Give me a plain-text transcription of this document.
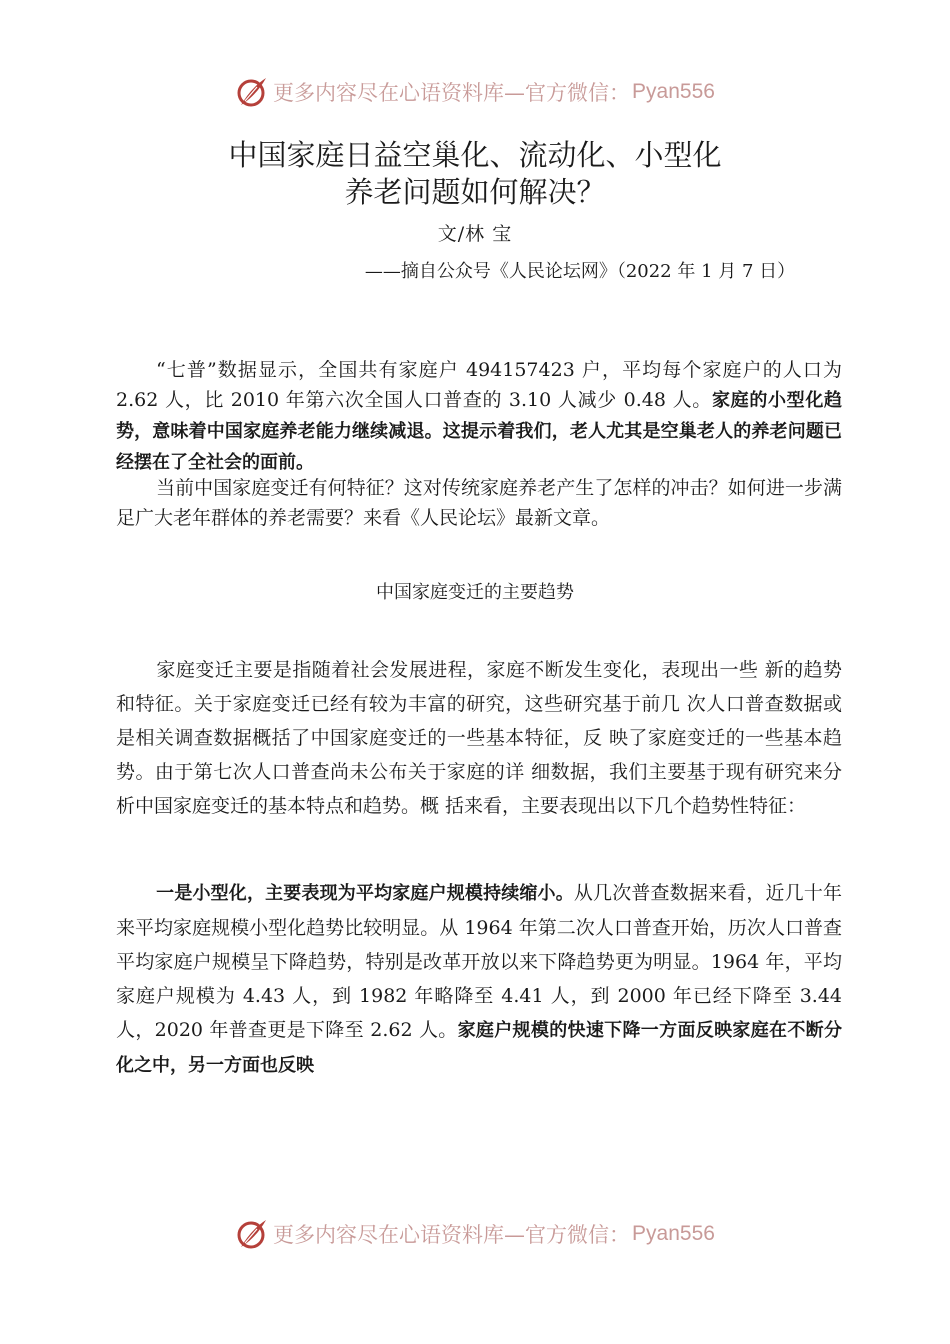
更多内容尽在心语资料库—官方微信： Pyan556
中国家庭日益空巢化、流动化、小型化
养老问题如何解决？
文/林 宝
——摘自公众号《人民论坛网》（2022 年 1 月 7 日）
“七普”数据显示，全国共有家庭户 494157423 户，平均每个家庭户的人口为 2.62 人，比 2010 年第六次全国人口普查的 3.10 人减少 0.48 人。家庭的小型化趋势，意味着中国家庭养老能力继续减退。这提示着我们，老人尤其是空巢老人的养老问题已经摆在了全社会的面前。
当前中国家庭变迁有何特征？这对传统家庭养老产生了怎样的冲击？如何进一步满足广大老年群体的养老需要？来看《人民论坛》最新文章。
中国家庭变迁的主要趋势
家庭变迁主要是指随着社会发展进程，家庭不断发生变化，表现出一些 新的趋势和特征。关于家庭变迁已经有较为丰富的研究，这些研究基于前几 次人口普查数据或是相关调查数据概括了中国家庭变迁的一些基本特征，反 映了家庭变迁的一些基本趋势。由于第七次人口普查尚未公布关于家庭的详 细数据，我们主要基于现有研究来分析中国家庭变迁的基本特点和趋势。概 括来看，主要表现出以下几个趋势性特征：
一是小型化，主要表现为平均家庭户规模持续缩小。从几次普查数据来看，近几十年来平均家庭规模小型化趋势比较明显。从 1964 年第二次人口普查开始，历次人口普查平均家庭户规模呈下降趋势，特别是改革开放以来下降趋势更为明显。1964 年，平均家庭户规模为 4.43 人，到 1982 年略降至 4.41 人，到 2000 年已经下降至 3.44 人，2020 年普查更是下降至 2.62 人。家庭户规模的快速下降一方面反映家庭在不断分化之中，另一方面也反映
更多内容尽在心语资料库—官方微信： Pyan556
